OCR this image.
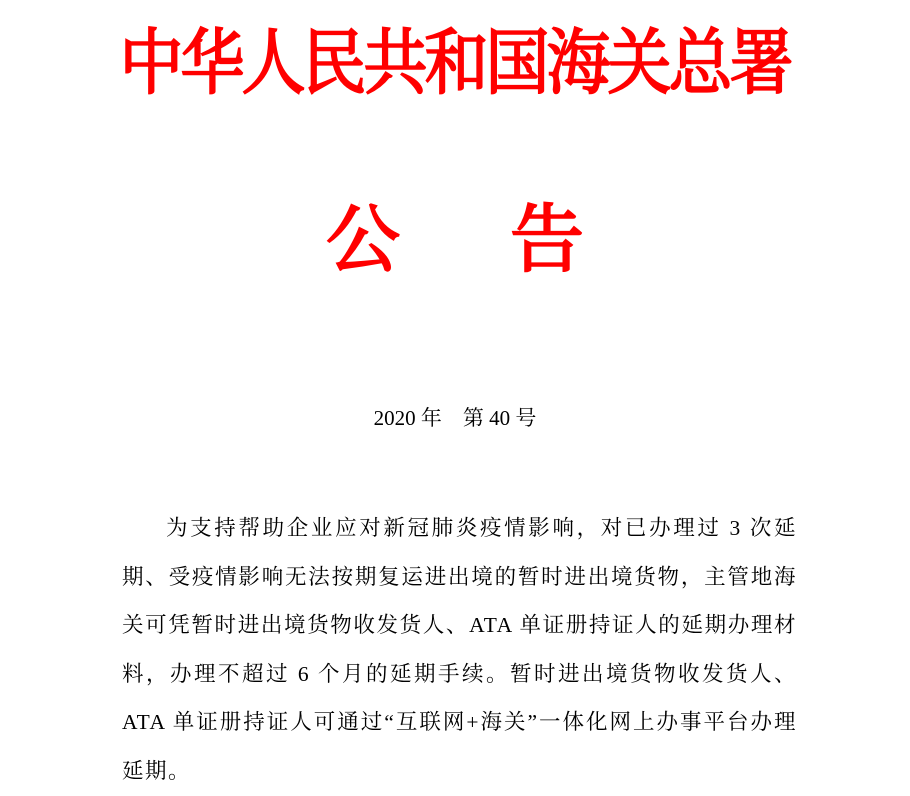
中华人民共和国海关总署
公告
2020 年　第 40 号

为支持帮助企业应对新冠肺炎疫情影响，对已办理过 3 次延期、受疫情影响无法按期复运进出境的暂时进出境货物，主管地海关可凭暂时进出境货物收发货人、ATA 单证册持证人的延期办理材料，办理不超过 6 个月的延期手续。暂时进出境货物收发货人、ATA 单证册持证人可通过“互联网+海关”一体化网上办事平台办理延期。
